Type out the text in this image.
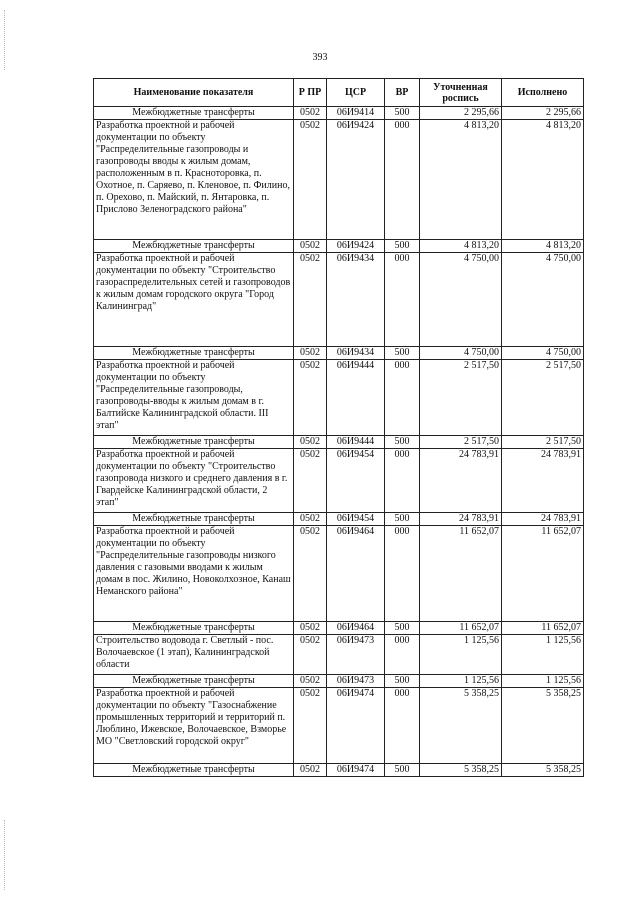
393
Наименование показателя	Р ПР	ЦСР	ВР	Уточненная роспись	Исполнено
Межбюджетные трансферты	0502	06И9414	500	2 295,66	2 295,66
Разработка проектной и рабочей документации по объекту "Распределительные газопроводы и газопроводы вводы к жилым домам, расположенным в п. Красноторовка, п. Охотное, п. Саряево, п. Кленовое, п. Филино, п. Орехово, п. Майский, п. Янтаровка, п. Прислово Зеленоградского района"	0502	06И9424	000	4 813,20	4 813,20
Межбюджетные трансферты	0502	06И9424	500	4 813,20	4 813,20
Разработка проектной и рабочей документации по объекту "Строительство газораспределительных сетей и газопроводов к жилым домам городского округа "Город Калининград"	0502	06И9434	000	4 750,00	4 750,00
Межбюджетные трансферты	0502	06И9434	500	4 750,00	4 750,00
Разработка проектной и рабочей документации по объекту "Распределительные газопроводы, газопроводы-вводы к жилым домам в г. Балтийске Калининградской области. III этап"	0502	06И9444	000	2 517,50	2 517,50
Межбюджетные трансферты	0502	06И9444	500	2 517,50	2 517,50
Разработка проектной и рабочей документации по объекту "Строительство газопровода низкого и среднего давления в г. Гвардейске Калининградской области, 2 этап"	0502	06И9454	000	24 783,91	24 783,91
Межбюджетные трансферты	0502	06И9454	500	24 783,91	24 783,91
Разработка проектной и рабочей документации по объекту "Распределительные газопроводы низкого давления с газовыми вводами к жилым домам в пос. Жилино, Новоколхозное, Канаш Неманского района"	0502	06И9464	000	11 652,07	11 652,07
Межбюджетные трансферты	0502	06И9464	500	11 652,07	11 652,07
Строительство водовода г. Светлый - пос. Волочаевское (1 этап), Калининградской области	0502	06И9473	000	1 125,56	1 125,56
Межбюджетные трансферты	0502	06И9473	500	1 125,56	1 125,56
Разработка проектной и рабочей документации по объекту "Газоснабжение промышленных территорий и территорий п. Люблино, Ижевское, Волочаевское, Взморье МО "Светловский городской округ"	0502	06И9474	000	5 358,25	5 358,25
Межбюджетные трансферты	0502	06И9474	500	5 358,25	5 358,25
